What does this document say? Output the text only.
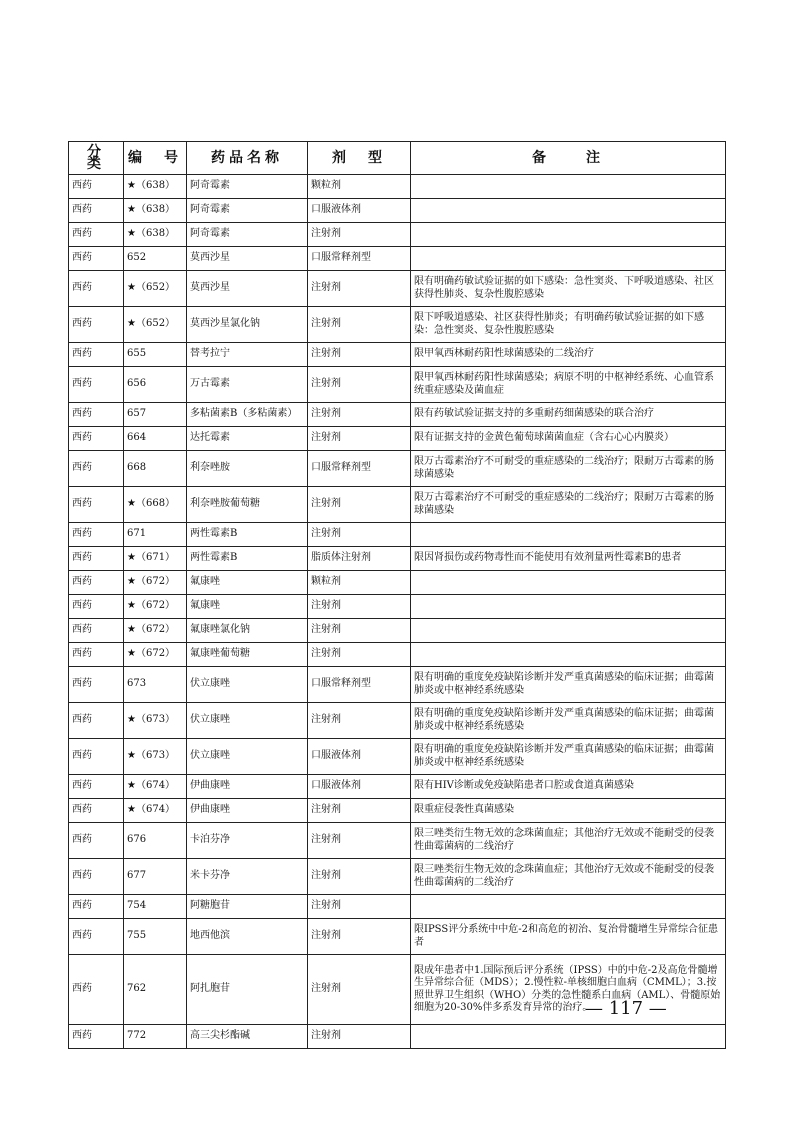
分　类	编　号	药品名称	剂　型	备　　注
西药	★（638）	阿奇霉素	颗粒剂	
西药	★（638）	阿奇霉素	口服液体剂	
西药	★（638）	阿奇霉素	注射剂	
西药	652	莫西沙星	口服常释剂型	
西药	★（652）	莫西沙星	注射剂	限有明确药敏试验证据的如下感染：急性窦炎、下呼吸道感染、社区获得性肺炎、复杂性腹腔感染
西药	★（652）	莫西沙星氯化钠	注射剂	限下呼吸道感染、社区获得性肺炎；有明确药敏试验证据的如下感染：急性窦炎、复杂性腹腔感染
西药	655	替考拉宁	注射剂	限甲氧西林耐药阳性球菌感染的二线治疗
西药	656	万古霉素	注射剂	限甲氧西林耐药阳性球菌感染；病原不明的中枢神经系统、心血管系统重症感染及菌血症
西药	657	多粘菌素B（多粘菌素）	注射剂	限有药敏试验证据支持的多重耐药细菌感染的联合治疗
西药	664	达托霉素	注射剂	限有证据支持的金黄色葡萄球菌菌血症（含右心心内膜炎）
西药	668	利奈唑胺	口服常释剂型	限万古霉素治疗不可耐受的重症感染的二线治疗；限耐万古霉素的肠球菌感染
西药	★（668）	利奈唑胺葡萄糖	注射剂	限万古霉素治疗不可耐受的重症感染的二线治疗；限耐万古霉素的肠球菌感染
西药	671	两性霉素B	注射剂	
西药	★（671）	两性霉素B	脂质体注射剂	限因肾损伤或药物毒性而不能使用有效剂量两性霉素B的患者
西药	★（672）	氟康唑	颗粒剂	
西药	★（672）	氟康唑	注射剂	
西药	★（672）	氟康唑氯化钠	注射剂	
西药	★（672）	氟康唑葡萄糖	注射剂	
西药	673	伏立康唑	口服常释剂型	限有明确的重度免疫缺陷诊断并发严重真菌感染的临床证据；曲霉菌肺炎或中枢神经系统感染
西药	★（673）	伏立康唑	注射剂	限有明确的重度免疫缺陷诊断并发严重真菌感染的临床证据；曲霉菌肺炎或中枢神经系统感染
西药	★（673）	伏立康唑	口服液体剂	限有明确的重度免疫缺陷诊断并发严重真菌感染的临床证据；曲霉菌肺炎或中枢神经系统感染
西药	★（674）	伊曲康唑	口服液体剂	限有HIV诊断或免疫缺陷患者口腔或食道真菌感染
西药	★（674）	伊曲康唑	注射剂	限重症侵袭性真菌感染
西药	676	卡泊芬净	注射剂	限三唑类衍生物无效的念珠菌血症；其他治疗无效或不能耐受的侵袭性曲霉菌病的二线治疗
西药	677	米卡芬净	注射剂	限三唑类衍生物无效的念珠菌血症；其他治疗无效或不能耐受的侵袭性曲霉菌病的二线治疗
西药	754	阿糖胞苷	注射剂	
西药	755	地西他滨	注射剂	限IPSS评分系统中中危-2和高危的初治、复治骨髓增生异常综合征患者
西药	762	阿扎胞苷	注射剂	限成年患者中1.国际预后评分系统（IPSS）中的中危-2及高危骨髓增生异常综合征（MDS）；2.慢性粒-单核细胞白血病（CMML）；3.按照世界卫生组织（WHO）分类的急性髓系白血病（AML）、骨髓原始细胞为20-30%伴多系发育异常的治疗。
西药	772	高三尖杉酯碱	注射剂	
— 117 —
